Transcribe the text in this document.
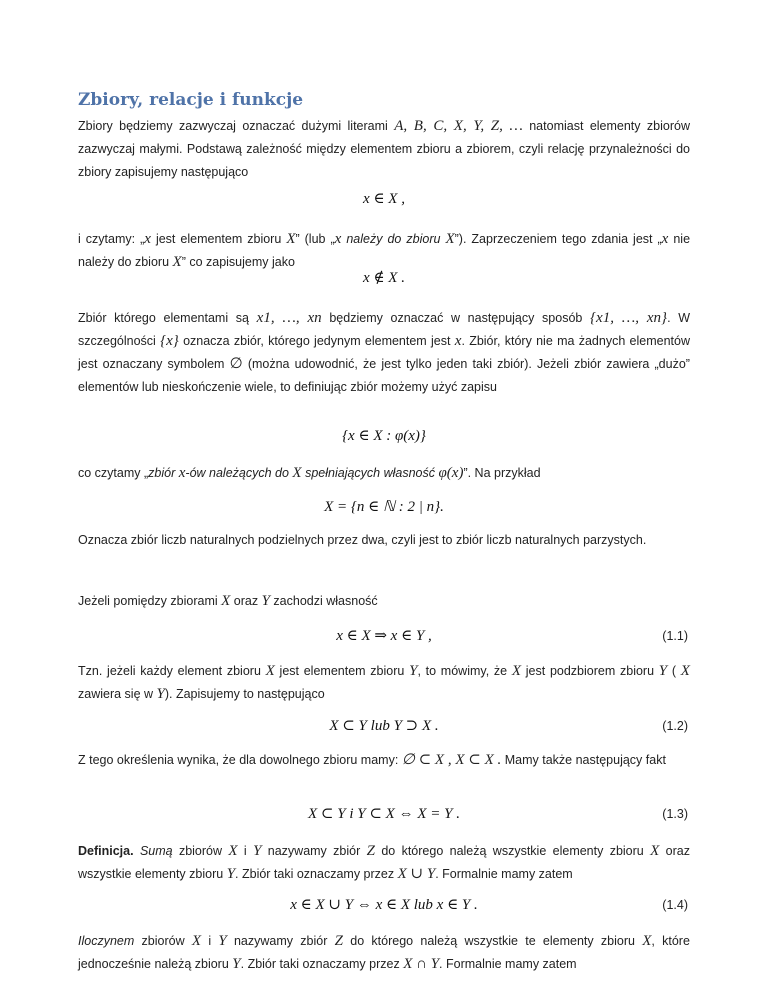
Zbiory, relacje i funkcje

Zbiory będziemy zazwyczaj oznaczać dużymi literami A, B, C, X, Y, Z, … natomiast elementy zbiorów zazwyczaj małymi. Podstawą zależność między elementem zbioru a zbiorem, czyli relację przynależności do zbiory zapisujemy następująco

x ∈ X ,

i czytamy: „x jest elementem zbioru X” (lub „x należy do zbioru X”). Zaprzeczeniem tego zdania jest „x nie należy do zbioru X” co zapisujemy jako

x ∉ X .

Zbiór którego elementami są x1, …, xn będziemy oznaczać w następujący sposób {x1, …, xn}. W szczególności {x} oznacza zbiór, którego jedynym elementem jest x. Zbiór, który nie ma żadnych elementów jest oznaczany symbolem ∅ (można udowodnić, że jest tylko jeden taki zbiór). Jeżeli zbiór zawiera „dużo” elementów lub nieskończenie wiele, to definiując zbiór możemy użyć zapisu

{x ∈ X : φ(x)}

co czytamy „zbiór x-ów należących do X spełniających własność φ(x)”. Na przykład

X = {n ∈ ℕ : 2 | n}.

Oznacza zbiór liczb naturalnych podzielnych przez dwa, czyli jest to zbiór liczb naturalnych parzystych.

Jeżeli pomiędzy zbiorami X oraz Y zachodzi własność

x ∈ X ⇒ x ∈ Y ,	(1.1)

Tzn. jeżeli każdy element zbioru X jest elementem zbioru Y, to mówimy, że X jest podzbiorem zbioru Y ( X zawiera się w Y). Zapisujemy to następująco

X ⊂ Y lub Y ⊃ X .	(1.2)

Z tego określenia wynika, że dla dowolnego zbioru mamy: ∅ ⊂ X , X ⊂ X . Mamy także następujący fakt

X ⊂ Y i Y ⊂ X ⇔ X = Y .	(1.3)

Definicja. Sumą zbiorów X i Y nazywamy zbiór Z do którego należą wszystkie elementy zbioru X oraz wszystkie elementy zbioru Y. Zbiór taki oznaczamy przez X ∪ Y. Formalnie mamy zatem

x ∈ X ∪ Y ⇔ x ∈ X lub x ∈ Y .	(1.4)

Iloczynem zbiorów X i Y nazywamy zbiór Z do którego należą wszystkie te elementy zbioru X, które jednocześnie należą zbioru Y. Zbiór taki oznaczamy przez X ∩ Y. Formalnie mamy zatem
